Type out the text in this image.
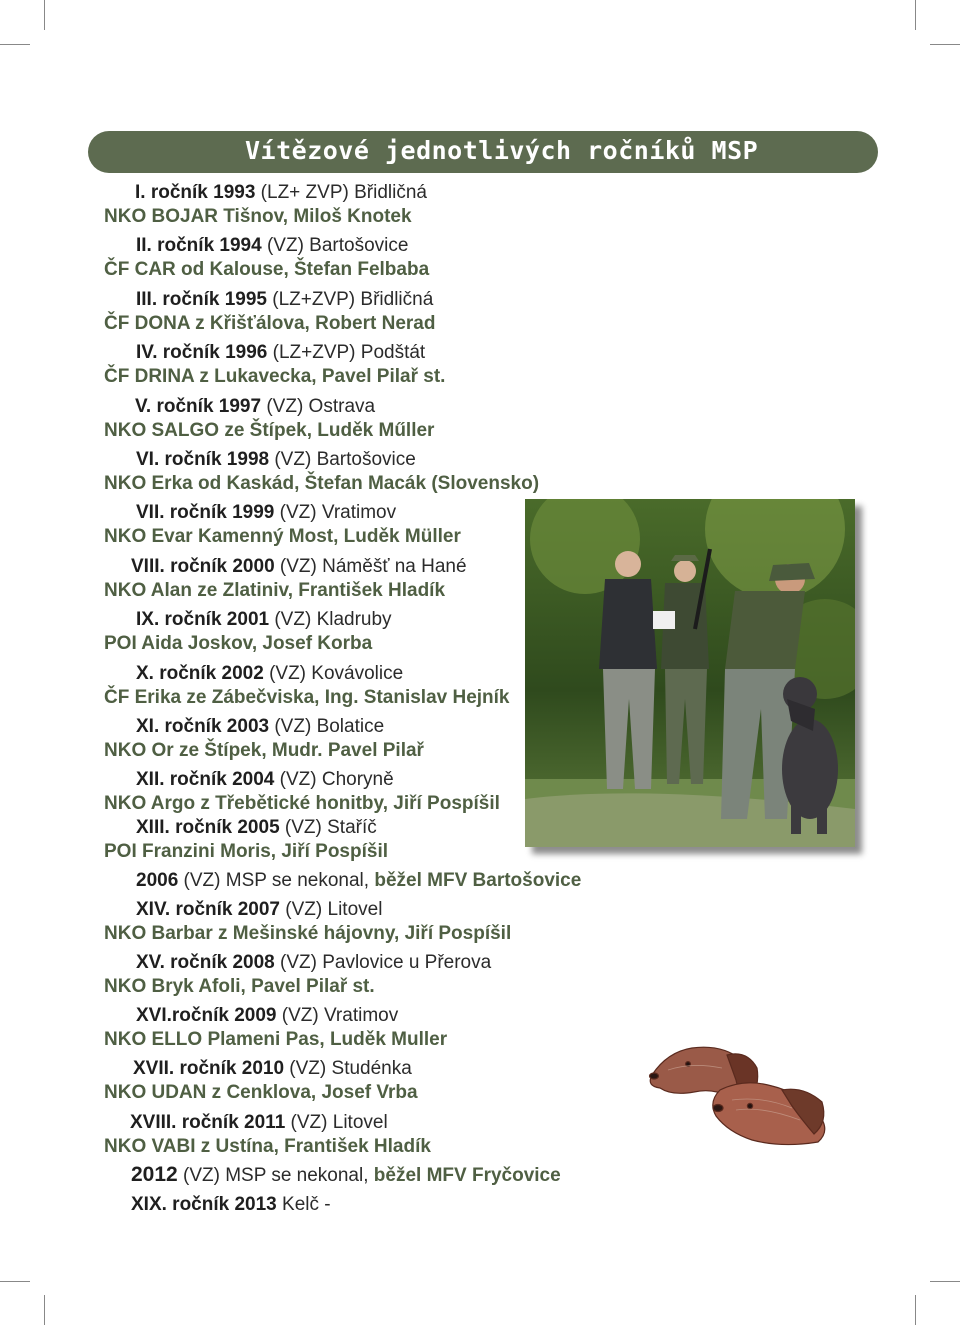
Vítězové jednotlivých ročníků MSP
I. ročník 1993 (LZ+ ZVP) Břidličná
NKO BOJAR Tišnov, Miloš Knotek
II. ročník 1994 (VZ) Bartošovice
ČF CAR od Kalouse, Štefan Felbaba
III. ročník 1995 (LZ+ZVP) Břidličná
ČF DONA z Křišťálova, Robert Nerad
IV. ročník 1996 (LZ+ZVP) Podštát
ČF DRINA z Lukavecka, Pavel Pilař st.
V. ročník 1997 (VZ) Ostrava
NKO SALGO ze Štípek, Luděk Műller
VI. ročník 1998 (VZ) Bartošovice
NKO Erka od Kaskád, Štefan Macák (Slovensko)
VII. ročník 1999 (VZ) Vratimov
NKO Evar Kamenný Most, Luděk Müller
VIII. ročník 2000 (VZ) Náměšť na Hané
NKO Alan ze Zlatiniv, František Hladík
IX. ročník 2001 (VZ) Kladruby
POI Aida Joskov, Josef Korba
X. ročník 2002 (VZ) Kovávolice
ČF Erika ze Zábečviska, Ing. Stanislav Hejník
XI. ročník 2003 (VZ) Bolatice
NKO Or ze Štípek, Mudr. Pavel Pilař
XII. ročník 2004 (VZ) Choryně
NKO Argo z Třebětické honitby, Jiří Pospíšil
XIII. ročník 2005 (VZ) Staříč
POI Franzini Moris, Jiří Pospíšil
2006 (VZ) MSP se nekonal, běžel MFV Bartošovice
XIV. ročník 2007 (VZ) Litovel
NKO Barbar z Mešinské hájovny, Jiří Pospíšil
XV. ročník 2008 (VZ) Pavlovice u Přerova
NKO Bryk Afoli, Pavel Pilař st.
XVI.ročník 2009 (VZ) Vratimov
NKO ELLO Plameni Pas, Luděk Muller
XVII. ročník 2010 (VZ) Studénka
NKO UDAN z Cenklova, Josef Vrba
XVIII. ročník 2011 (VZ) Litovel
NKO VABI z Ustína, František Hladík
2012 (VZ) MSP se nekonal, běžel MFV Fryčovice
XIX. ročník 2013 Kelč -
